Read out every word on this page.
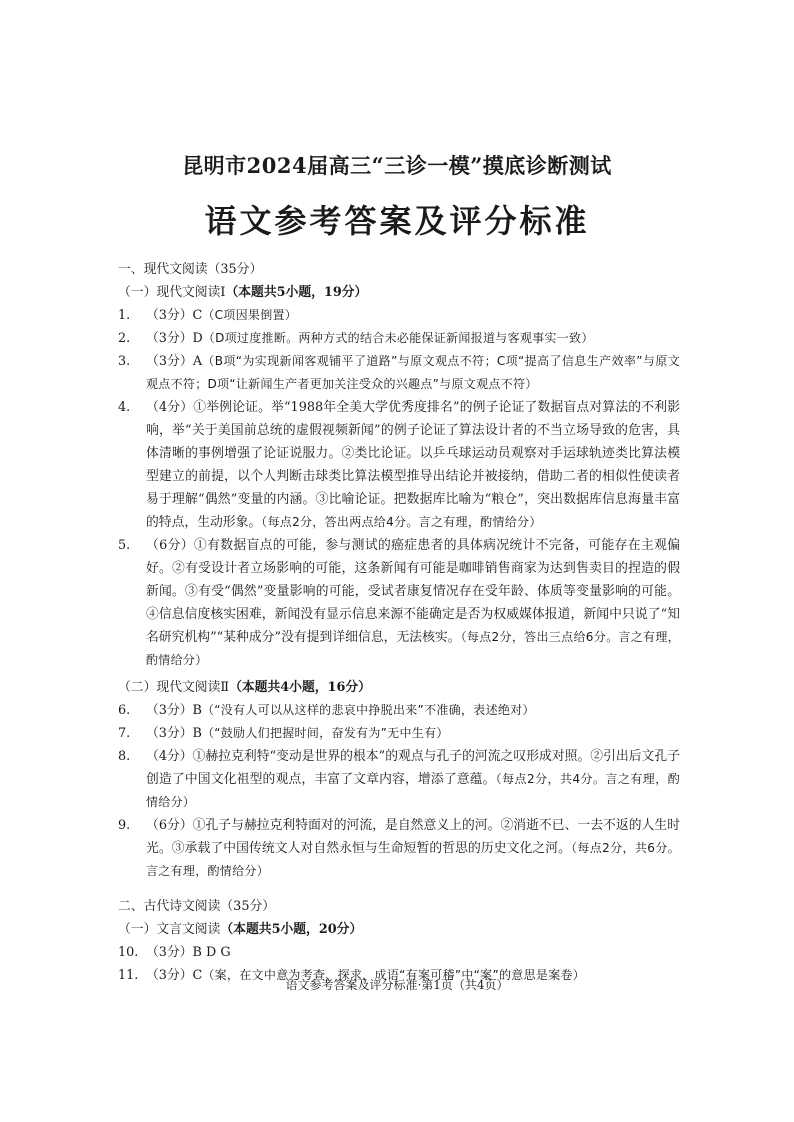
昆明市2024届高三“三诊一模”摸底诊断测试
语文参考答案及评分标准
一、现代文阅读（35分）
（一）现代文阅读Ⅰ（本题共5小题，19分）
1.	（3分）C（C项因果倒置）
2.	（3分）D（D项过度推断。两种方式的结合未必能保证新闻报道与客观事实一致）
3.	（3分）A（B项“为实现新闻客观铺平了道路”与原文观点不符；C项“提高了信息生产效率”与原文观点不符；D项“让新闻生产者更加关注受众的兴趣点”与原文观点不符）
4.	（4分）①举例论证。举“1988年全美大学优秀度排名”的例子论证了数据盲点对算法的不利影响，举“关于美国前总统的虚假视频新闻”的例子论证了算法设计者的不当立场导致的危害，具体清晰的事例增强了论证说服力。②类比论证。以乒乓球运动员观察对手运球轨迹类比算法模型建立的前提，以个人判断击球类比算法模型推导出结论并被接纳，借助二者的相似性使读者易于理解“偶然”变量的内涵。③比喻论证。把数据库比喻为“粮仓”，突出数据库信息海量丰富的特点，生动形象。（每点2分，答出两点给4分。言之有理，酌情给分）
5.	（6分）①有数据盲点的可能，参与测试的癌症患者的具体病况统计不完备，可能存在主观偏好。②有受设计者立场影响的可能，这条新闻有可能是咖啡销售商家为达到售卖目的捏造的假新闻。③有受“偶然”变量影响的可能，受试者康复情况存在受年龄、体质等变量影响的可能。④信息信度核实困难，新闻没有显示信息来源不能确定是否为权威媒体报道，新闻中只说了“知名研究机构”“某种成分”没有提到详细信息，无法核实。（每点2分，答出三点给6分。言之有理，酌情给分）
（二）现代文阅读Ⅱ（本题共4小题，16分）
6.	（3分）B（“没有人可以从这样的悲哀中挣脱出来”不准确，表述绝对）
7.	（3分）B（“鼓励人们把握时间，奋发有为”无中生有）
8.	（4分）①赫拉克利特“变动是世界的根本”的观点与孔子的河流之叹形成对照。②引出后文孔子创造了中国文化祖型的观点，丰富了文章内容，增添了意蕴。（每点2分，共4分。言之有理，酌情给分）
9.	（6分）①孔子与赫拉克利特面对的河流，是自然意义上的河。②消逝不已、一去不返的人生时光。③承载了中国传统文人对自然永恒与生命短暂的哲思的历史文化之河。（每点2分，共6分。言之有理，酌情给分）
二、古代诗文阅读（35分）
（一）文言文阅读（本题共5小题，20分）
10. （3分）B D G
11. （3分）C（案，在文中意为考查、探求，成语“有案可稽”中“案”的意思是案卷）
语文参考答案及评分标准·第1页（共4页）
